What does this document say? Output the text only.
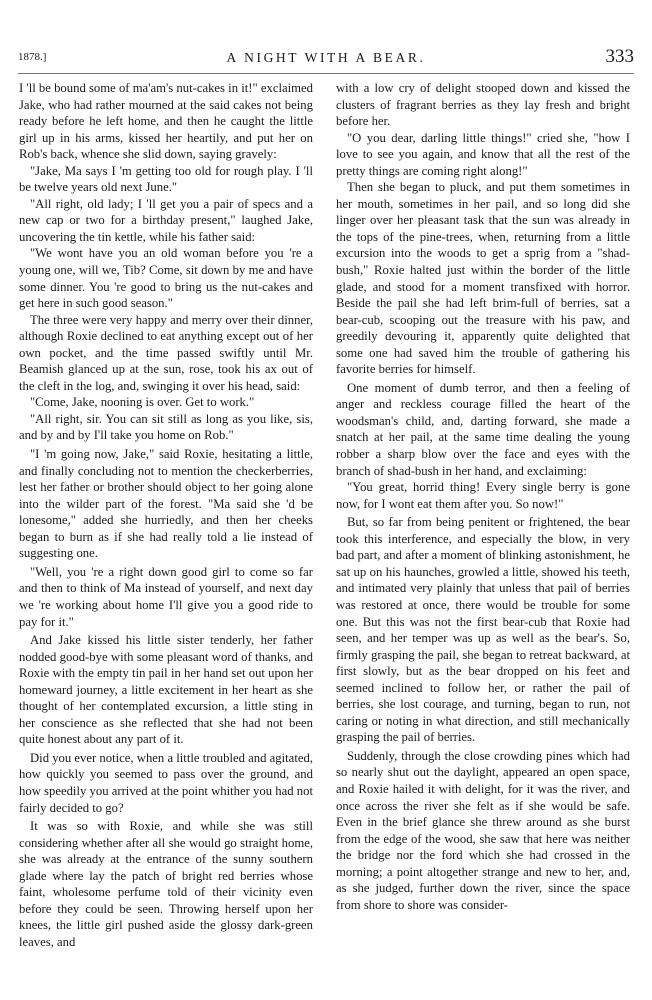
1878.]	A NIGHT WITH A BEAR.	333

I 'll be bound some of ma'am's nut-cakes in it!" exclaimed Jake, who had rather mourned at the said cakes not being ready before he left home, and then he caught the little girl up in his arms, kissed her heartily, and put her on Rob's back, whence she slid down, saying gravely:

"Jake, Ma says I 'm getting too old for rough play. I 'll be twelve years old next June."

"All right, old lady; I 'll get you a pair of specs and a new cap or two for a birthday present," laughed Jake, uncovering the tin kettle, while his father said:

"We wont have you an old woman before you 're a young one, will we, Tib? Come, sit down by me and have some dinner. You 're good to bring us the nut-cakes and get here in such good season."

The three were very happy and merry over their dinner, although Roxie declined to eat anything except out of her own pocket, and the time passed swiftly until Mr. Beamish glanced up at the sun, rose, took his ax out of the cleft in the log, and, swinging it over his head, said:

"Come, Jake, nooning is over. Get to work."

"All right, sir. You can sit still as long as you like, sis, and by and by I'll take you home on Rob."

"I 'm going now, Jake," said Roxie, hesitating a little, and finally concluding not to mention the checkerberries, lest her father or brother should object to her going alone into the wilder part of the forest. "Ma said she 'd be lonesome," added she hurriedly, and then her cheeks began to burn as if she had really told a lie instead of suggesting one.

"Well, you 're a right down good girl to come so far and then to think of Ma instead of yourself, and next day we 're working about home I'll give you a good ride to pay for it."

And Jake kissed his little sister tenderly, her father nodded good-bye with some pleasant word of thanks, and Roxie with the empty tin pail in her hand set out upon her homeward journey, a little excitement in her heart as she thought of her contemplated excursion, a little sting in her conscience as she reflected that she had not been quite honest about any part of it.

Did you ever notice, when a little troubled and agitated, how quickly you seemed to pass over the ground, and how speedily you arrived at the point whither you had not fairly decided to go?

It was so with Roxie, and while she was still considering whether after all she would go straight home, she was already at the entrance of the sunny southern glade where lay the patch of bright red berries whose faint, wholesome perfume told of their vicinity even before they could be seen. Throwing herself upon her knees, the little girl pushed aside the glossy dark-green leaves, and

with a low cry of delight stooped down and kissed the clusters of fragrant berries as they lay fresh and bright before her.

"O you dear, darling little things!" cried she, "how I love to see you again, and know that all the rest of the pretty things are coming right along!"

Then she began to pluck, and put them sometimes in her mouth, sometimes in her pail, and so long did she linger over her pleasant task that the sun was already in the tops of the pine-trees, when, returning from a little excursion into the woods to get a sprig from a "shad-bush," Roxie halted just within the border of the little glade, and stood for a moment transfixed with horror. Beside the pail she had left brim-full of berries, sat a bear-cub, scooping out the treasure with his paw, and greedily devouring it, apparently quite delighted that some one had saved him the trouble of gathering his favorite berries for himself.

One moment of dumb terror, and then a feeling of anger and reckless courage filled the heart of the woodsman's child, and, darting forward, she made a snatch at her pail, at the same time dealing the young robber a sharp blow over the face and eyes with the branch of shad-bush in her hand, and exclaiming:

"You great, horrid thing! Every single berry is gone now, for I wont eat them after you. So now!"

But, so far from being penitent or frightened, the bear took this interference, and especially the blow, in very bad part, and after a moment of blinking astonishment, he sat up on his haunches, growled a little, showed his teeth, and intimated very plainly that unless that pail of berries was restored at once, there would be trouble for some one. But this was not the first bear-cub that Roxie had seen, and her temper was up as well as the bear's. So, firmly grasping the pail, she began to retreat backward, at first slowly, but as the bear dropped on his feet and seemed inclined to follow her, or rather the pail of berries, she lost courage, and turning, began to run, not caring or noting in what direction, and still mechanically grasping the pail of berries.

Suddenly, through the close crowding pines which had so nearly shut out the daylight, appeared an open space, and Roxie hailed it with delight, for it was the river, and once across the river she felt as if she would be safe. Even in the brief glance she threw around as she burst from the edge of the wood, she saw that here was neither the bridge nor the ford which she had crossed in the morning; a point altogether strange and new to her, and, as she judged, further down the river, since the space from shore to shore was consider-
